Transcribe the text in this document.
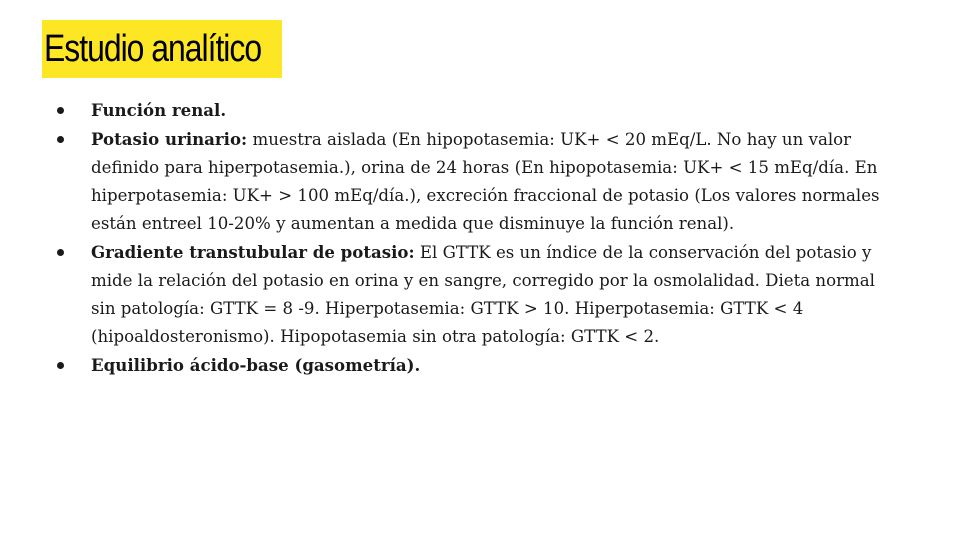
Estudio analítico
Función renal.
Potasio urinario: muestra aislada (En hipopotasemia: UK+ < 20 mEq/L. No hay un valor definido para hiperpotasemia.), orina de 24 horas (En hipopotasemia: UK+ < 15 mEq/día. En hiperpotasemia: UK+ > 100 mEq/día.), excreción fraccional de potasio (Los valores normales están entreel 10-20% y aumentan a medida que disminuye la función renal).
Gradiente transtubular de potasio: El GTTK es un índice de la conservación del potasio y mide la relación del potasio en orina y en sangre, corregido por la osmolalidad. Dieta normal sin patología: GTTK = 8 -9. Hiperpotasemia: GTTK > 10. Hiperpotasemia: GTTK < 4 (hipoaldosteronismo). Hipopotasemia sin otra patología: GTTK < 2.
Equilibrio ácido-base (gasometría).
